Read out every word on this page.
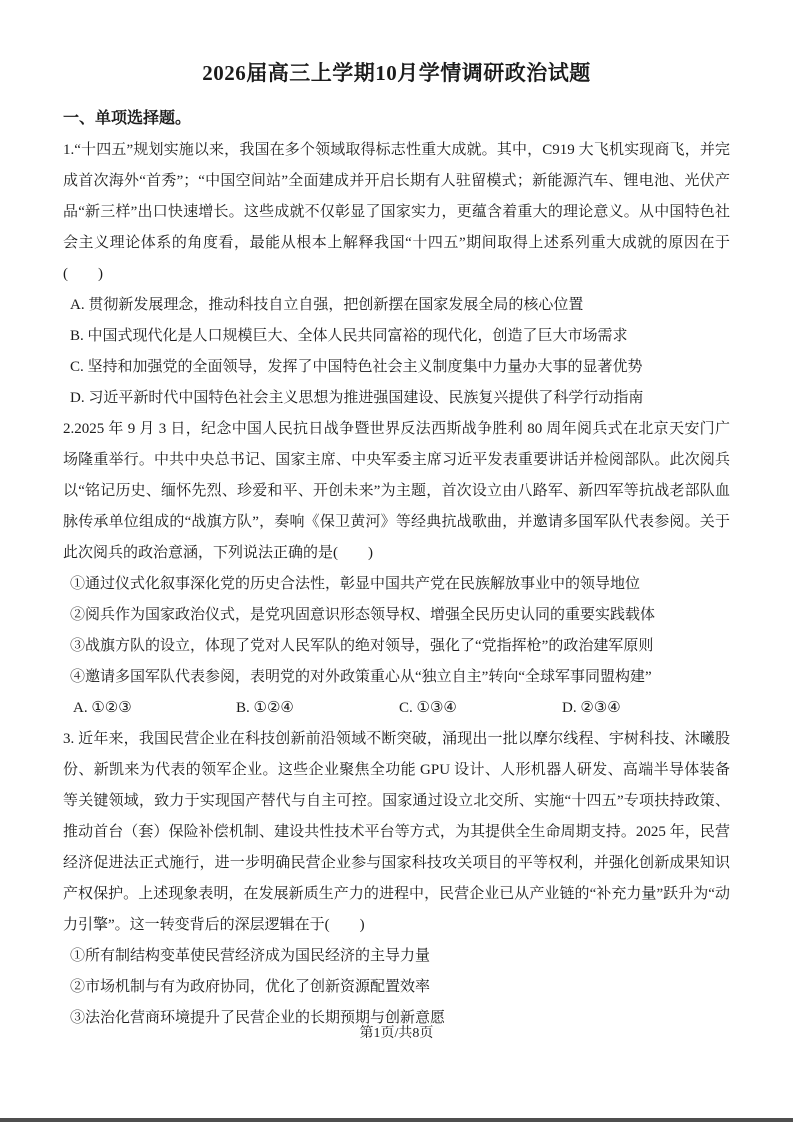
2026届高三上学期10月学情调研政治试题
一、单项选择题。
1.“十四五”规划实施以来，我国在多个领域取得标志性重大成就。其中，C919 大飞机实现商飞，并完成首次海外“首秀”；“中国空间站”全面建成并开启长期有人驻留模式；新能源汽车、锂电池、光伏产品“新三样”出口快速增长。这些成就不仅彰显了国家实力，更蕴含着重大的理论意义。从中国特色社会主义理论体系的角度看，最能从根本上解释我国“十四五”期间取得上述系列重大成就的原因在于(　　)
A. 贯彻新发展理念，推动科技自立自强，把创新摆在国家发展全局的核心位置
B. 中国式现代化是人口规模巨大、全体人民共同富裕的现代化，创造了巨大市场需求
C. 坚持和加强党的全面领导，发挥了中国特色社会主义制度集中力量办大事的显著优势
D. 习近平新时代中国特色社会主义思想为推进强国建设、民族复兴提供了科学行动指南
2.2025 年 9 月 3 日，纪念中国人民抗日战争暨世界反法西斯战争胜利 80 周年阅兵式在北京天安门广场隆重举行。中共中央总书记、国家主席、中央军委主席习近平发表重要讲话并检阅部队。此次阅兵以“铭记历史、缅怀先烈、珍爱和平、开创未来”为主题，首次设立由八路军、新四军等抗战老部队血脉传承单位组成的“战旗方队”，奏响《保卫黄河》等经典抗战歌曲，并邀请多国军队代表参阅。关于此次阅兵的政治意涵，下列说法正确的是(　　)
①通过仪式化叙事深化党的历史合法性，彰显中国共产党在民族解放事业中的领导地位
②阅兵作为国家政治仪式，是党巩固意识形态领导权、增强全民历史认同的重要实践载体
③战旗方队的设立，体现了党对人民军队的绝对领导，强化了“党指挥枪”的政治建军原则
④邀请多国军队代表参阅，表明党的对外政策重心从“独立自主”转向“全球军事同盟构建”
A. ①②③	B. ①②④	C. ①③④	D. ②③④
3. 近年来，我国民营企业在科技创新前沿领域不断突破，涌现出一批以摩尔线程、宇树科技、沐曦股份、新凯来为代表的领军企业。这些企业聚焦全功能 GPU 设计、人形机器人研发、高端半导体装备等关键领域，致力于实现国产替代与自主可控。国家通过设立北交所、实施“十四五”专项扶持政策、推动首台（套）保险补偿机制、建设共性技术平台等方式，为其提供全生命周期支持。2025 年，民营经济促进法正式施行，进一步明确民营企业参与国家科技攻关项目的平等权利，并强化创新成果知识产权保护。上述现象表明，在发展新质生产力的进程中，民营企业已从产业链的“补充力量”跃升为“动力引擎”。这一转变背后的深层逻辑在于(　　)
①所有制结构变革使民营经济成为国民经济的主导力量
②市场机制与有为政府协同，优化了创新资源配置效率
③法治化营商环境提升了民营企业的长期预期与创新意愿
第1页/共8页
